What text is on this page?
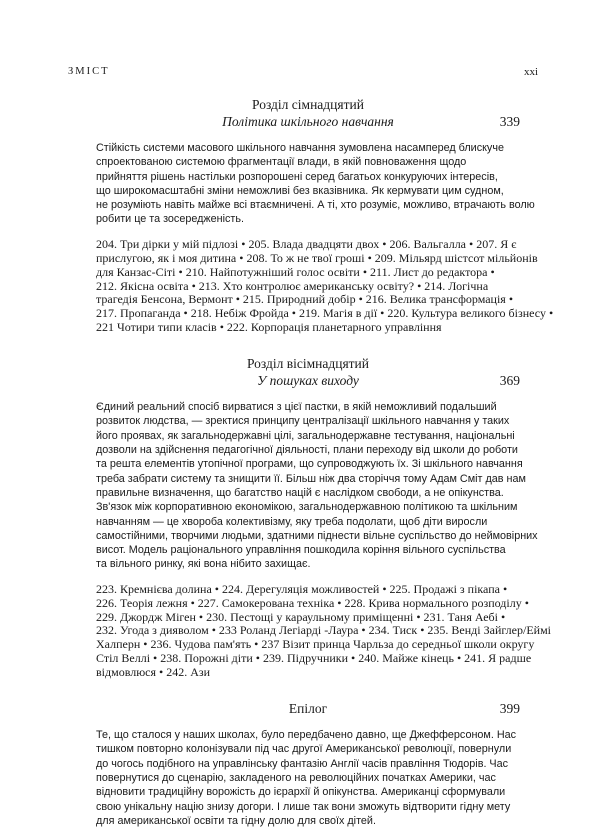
ЗМІСТ	xxi
Розділ сімнадцятий
Політика шкільного навчання	339
Стійкість системи масового шкільного навчання зумовлена насамперед блискуче
спроектованою системою фрагментації влади, в якій повноваження щодо
прийняття рішень настільки розпорошені серед багатьох конкуруючих інтересів,
що широкомасштабні зміни неможливі без вказівника. Як кермувати цим судном,
не розуміють навіть майже всі втаємничені. А ті, хто розуміє, можливо, втрачають волю
робити це та зосередженість.
204. Три дірки у мій підлозі • 205. Влада двадцяти двох • 206. Вальгалла • 207. Я є
прислугою, як і моя дитина • 208. То ж не твої гроші • 209. Мільярд шістсот мільйонів
для Канзас-Сіті • 210. Найпотужніший голос освіти • 211. Лист до редактора •
212. Якісна освіта • 213. Хто контролює американську освіту? • 214. Логічна
трагедія Бенсона, Вермонт • 215. Природний добір • 216. Велика трансформація •
217. Пропаганда • 218. Небіж Фройда • 219. Магія в дії • 220. Культура великого бізнесу •
221 Чотири типи класів • 222. Корпорація планетарного управління
Розділ вісімнадцятий
У пошуках виходу	369
Єдиний реальний спосіб вирватися з цієї пастки, в якій неможливий подальший
розвиток людства, — зректися принципу централізації шкільного навчання у таких
його проявах, як загальнодержавні цілі, загальнодержавне тестування, національні
дозволи на здійснення педагогічної діяльності, плани переходу від школи до роботи
та решта елементів утопічної програми, що супроводжують їх. Зі шкільного навчання
треба забрати систему та знищити її. Більш ніж два сторіччя тому Адам Сміт дав нам
правильне визначення, що багатство націй є наслідком свободи, а не опікунства.
Зв'язок між корпоративною економікою, загальнодержавною політикою та шкільним
навчанням — це хвороба колективізму, яку треба подолати, щоб діти виросли
самостійними, творчими людьми, здатними піднести вільне суспільство до неймовірних
висот. Модель раціонального управління пошкодила коріння вільного суспільства
та вільного ринку, які вона нібито захищає.
223. Кремнієва долина • 224. Дерегуляція можливостей • 225. Продажі з пікапа •
226. Теорія лежня • 227. Самокерована техніка • 228. Крива нормального розподілу •
229. Джордж Міген • 230. Пестощі у караульному приміщенні • 231. Таня Аебі •
232. Угода з дияволом • 233 Роланд Легіарді -Лаура • 234. Тиск • 235. Венді Зайглер/Еймі
Халперн • 236. Чудова пам'ять • 237 Візит принца Чарльза до середньої школи округу
Стіл Веллі • 238. Порожні діти • 239. Підручники • 240. Майже кінець • 241. Я радше
відмовлюся • 242. Ази
Епілог	399
Те, що сталося у наших школах, було передбачено давно, ще Джефферсоном. Нас
тишком повторно колонізували під час другої Американської революції, повернули
до чогось подібного на управлінську фантазію Англії часів правління Тюдорів. Час
повернутися до сценарію, закладеного на революційних початках Америки, час
відновити традиційну ворожість до ієрархії й опікунства. Американці сформували
свою унікальну націю знизу догори. І лише так вони зможуть відтворити гідну мету
для американської освіти та гідну долю для своїх дітей.
